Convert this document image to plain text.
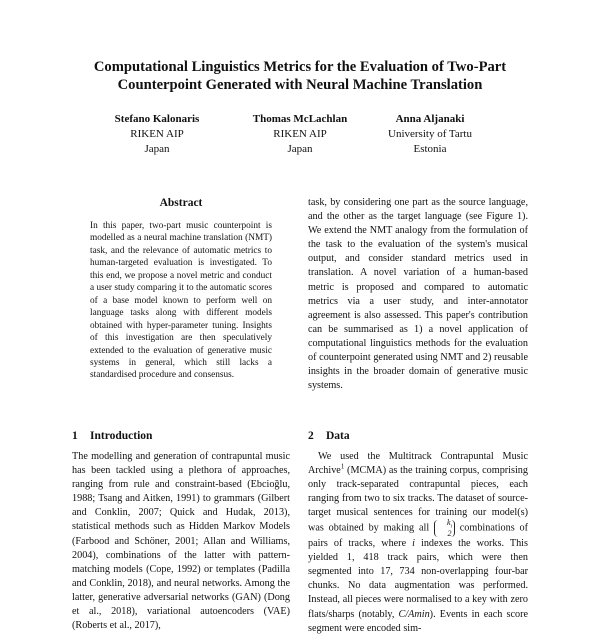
Computational Linguistics Metrics for the Evaluation of Two-Part Counterpoint Generated with Neural Machine Translation
Stefano Kalonaris
RIKEN AIP
Japan
Thomas McLachlan
RIKEN AIP
Japan
Anna Aljanaki
University of Tartu
Estonia
Abstract

In this paper, two-part music counterpoint is modelled as a neural machine translation (NMT) task, and the relevance of automatic metrics to human-targeted evaluation is investigated. To this end, we propose a novel metric and conduct a user study comparing it to the automatic scores of a base model known to perform well on language tasks along with different models obtained with hyper-parameter tuning. Insights of this investigation are then speculatively extended to the evaluation of generative music systems in general, which still lacks a standardised procedure and consensus.

1 Introduction

The modelling and generation of contrapuntal music has been tackled using a plethora of approaches, ranging from rule and constraint-based (Ebcioğlu, 1988; Tsang and Aitken, 1991) to grammars (Gilbert and Conklin, 2007; Quick and Hudak, 2013), statistical methods such as Hidden Markov Models (Farbood and Schöner, 2001; Allan and Williams, 2004), combinations of the latter with pattern-matching models (Cope, 1992) or templates (Padilla and Conklin, 2018), and neural networks. Among the latter, generative adversarial networks (GAN) (Dong et al., 2018), variational autoencoders (VAE) (Roberts et al., 2017),

task, by considering one part as the source language, and the other as the target language (see Figure 1). We extend the NMT analogy from the formulation of the task to the evaluation of the system's musical output, and consider standard metrics used in translation. A novel variation of a human-based metric is proposed and compared to automatic metrics via a user study, and inter-annotator agreement is also assessed. This paper's contribution can be summarised as 1) a novel application of computational linguistics methods for the evaluation of counterpoint generated using NMT and 2) reusable insights in the broader domain of generative music systems.

2 Data

We used the Multitrack Contrapuntal Music Archive$^1$ (MCMA) as the training corpus, comprising only track-separated contrapuntal pieces, each ranging from two to six tracks. The dataset of source-target musical sentences for training our model(s) was obtained by making all
$k_i$
2 combinations of pairs of tracks, where i indexes the works. This yielded 1, 418 track pairs, which were then segmented into 17, 734 non-overlapping four-bar chunks. No data augmentation was performed. Instead, all pieces were normalised to a key with zero flats/sharps (notably, C/Amin). Events in each score segment were encoded sim-
